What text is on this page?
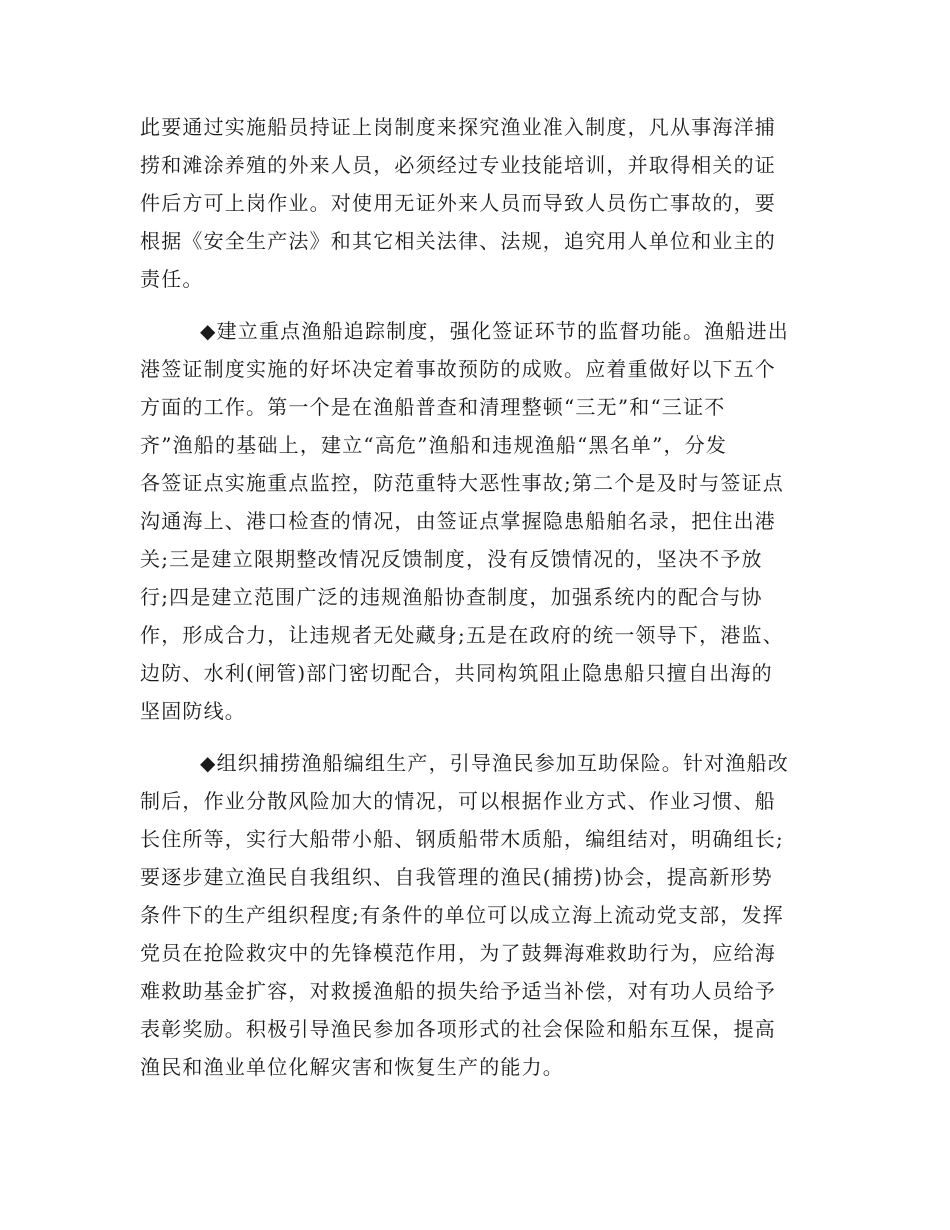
此要通过实施船员持证上岗制度来探究渔业准入制度，凡从事海洋捕
捞和滩涂养殖的外来人员，必须经过专业技能培训，并取得相关的证
件后方可上岗作业。对使用无证外来人员而导致人员伤亡事故的，要
根据《安全生产法》和其它相关法律、法规，追究用人单位和业主的
责任。
◆建立重点渔船追踪制度，强化签证环节的监督功能。渔船进出
港签证制度实施的好坏决定着事故预防的成败。应着重做好以下五个
方面的工作。第一个是在渔船普查和清理整顿“三无”和“三证不
齐”渔船的基础上，建立“高危”渔船和违规渔船“黑名单”，分发
各签证点实施重点监控，防范重特大恶性事故;第二个是及时与签证点
沟通海上、港口检查的情况，由签证点掌握隐患船舶名录，把住出港
关;三是建立限期整改情况反馈制度，没有反馈情况的，坚决不予放
行;四是建立范围广泛的违规渔船协查制度，加强系统内的配合与协
作，形成合力，让违规者无处藏身;五是在政府的统一领导下，港监、
边防、水利(闸管)部门密切配合，共同构筑阻止隐患船只擅自出海的
坚固防线。
◆组织捕捞渔船编组生产，引导渔民参加互助保险。针对渔船改
制后，作业分散风险加大的情况，可以根据作业方式、作业习惯、船
长住所等，实行大船带小船、钢质船带木质船，编组结对，明确组长;
要逐步建立渔民自我组织、自我管理的渔民(捕捞)协会，提高新形势
条件下的生产组织程度;有条件的单位可以成立海上流动党支部，发挥
党员在抢险救灾中的先锋模范作用，为了鼓舞海难救助行为，应给海
难救助基金扩容，对救援渔船的损失给予适当补偿，对有功人员给予
表彰奖励。积极引导渔民参加各项形式的社会保险和船东互保，提高
渔民和渔业单位化解灾害和恢复生产的能力。
